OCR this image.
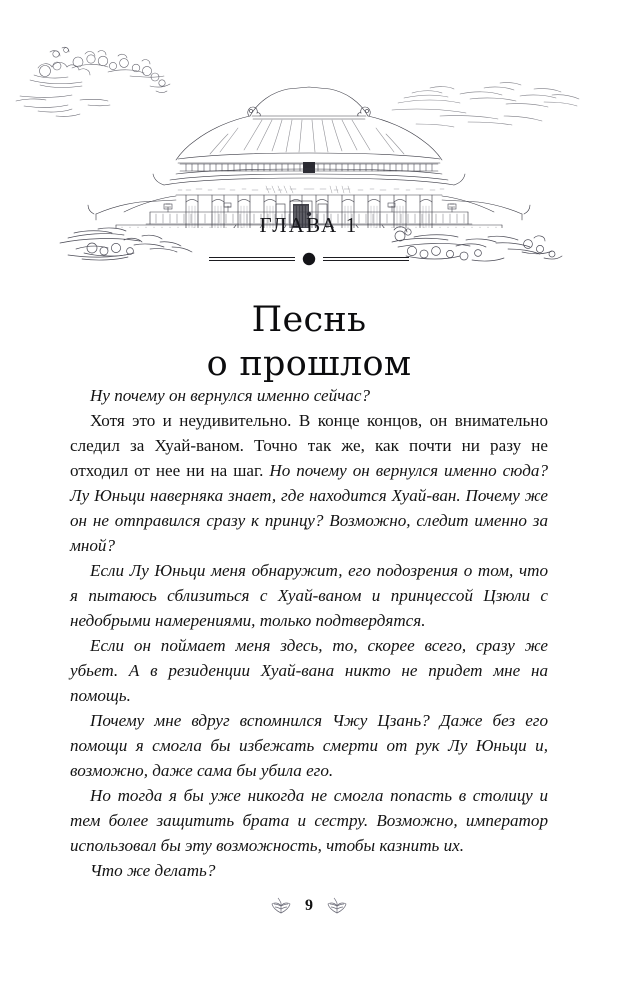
ГЛАВА 1
Песнь
о прошлом

Ну почему он вернулся именно сейчас?

Хотя это и неудивительно. В конце концов, он внимательно следил за Хуай-ваном. Точно так же, как почти ни разу не отходил от нее ни на шаг. Но почему он вернулся именно сюда? Лу Юньци наверняка знает, где находится Хуай-ван. Почему же он не отправился сразу к принцу? Возможно, следит именно за мной?

Если Лу Юньци меня обнаружит, его подозрения о том, что я пытаюсь сблизиться с Хуай-ваном и принцессой Цзюли с недобрыми намерениями, только подтвердятся.

Если он поймает меня здесь, то, скорее всего, сразу же убьет. А в резиденции Хуай-вана никто не придет мне на помощь.

Почему мне вдруг вспомнился Чжу Цзань? Даже без его помощи я смогла бы избежать смерти от рук Лу Юньци и, возможно, даже сама бы убила его.

Но тогда я бы уже никогда не смогла попасть в столицу и тем более защитить брата и сестру. Возможно, император использовал бы эту возможность, чтобы казнить их.

Что же делать?

9
